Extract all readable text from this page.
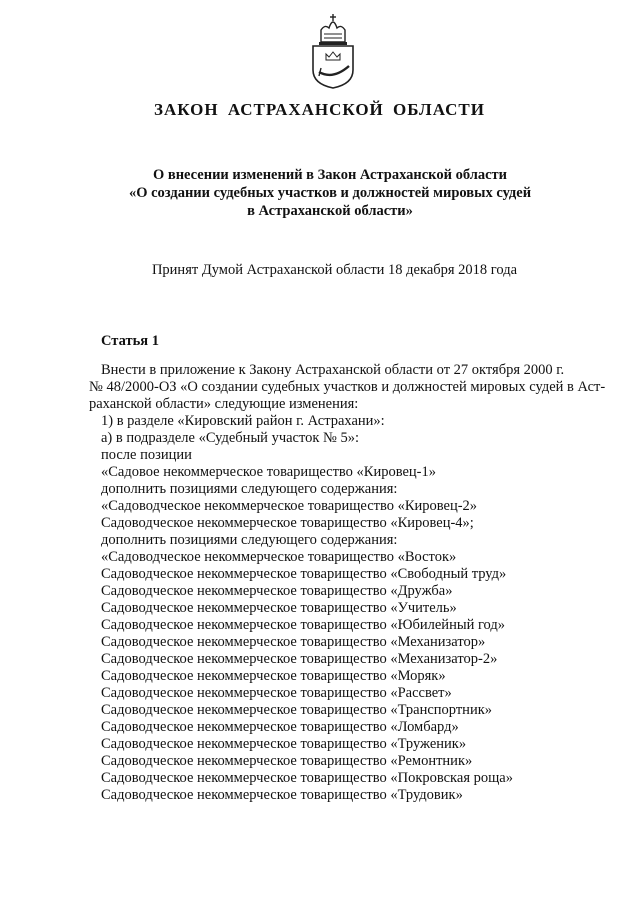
ЗАКОН АСТРАХАНСКОЙ ОБЛАСТИ
О внесении изменений в Закон Астраханской области
«О создании судебных участков и должностей мировых судей
в Астраханской области»
Принят Думой Астраханской области 18 декабря 2018 года
Статья 1
Внести в приложение к Закону Астраханской области от 27 октября 2000 г.
№ 48/2000-ОЗ «О создании судебных участков и должностей мировых судей в Аст-
раханской области» следующие изменения:
1) в разделе «Кировский район г. Астрахани»:
а) в подразделе «Судебный участок № 5»:
после позиции
«Садовое некоммерческое товарищество «Кировец-1»
дополнить позициями следующего содержания:
«Садоводческое некоммерческое товарищество «Кировец-2»
Садоводческое некоммерческое товарищество «Кировец-4»;
дополнить позициями следующего содержания:
«Садоводческое некоммерческое товарищество «Восток»
Садоводческое некоммерческое товарищество «Свободный труд»
Садоводческое некоммерческое товарищество «Дружба»
Садоводческое некоммерческое товарищество «Учитель»
Садоводческое некоммерческое товарищество «Юбилейный год»
Садоводческое некоммерческое товарищество «Механизатор»
Садоводческое некоммерческое товарищество «Механизатор-2»
Садоводческое некоммерческое товарищество «Моряк»
Садоводческое некоммерческое товарищество «Рассвет»
Садоводческое некоммерческое товарищество «Транспортник»
Садоводческое некоммерческое товарищество «Ломбард»
Садоводческое некоммерческое товарищество «Труженик»
Садоводческое некоммерческое товарищество «Ремонтник»
Садоводческое некоммерческое товарищество «Покровская роща»
Садоводческое некоммерческое товарищество «Трудовик»
